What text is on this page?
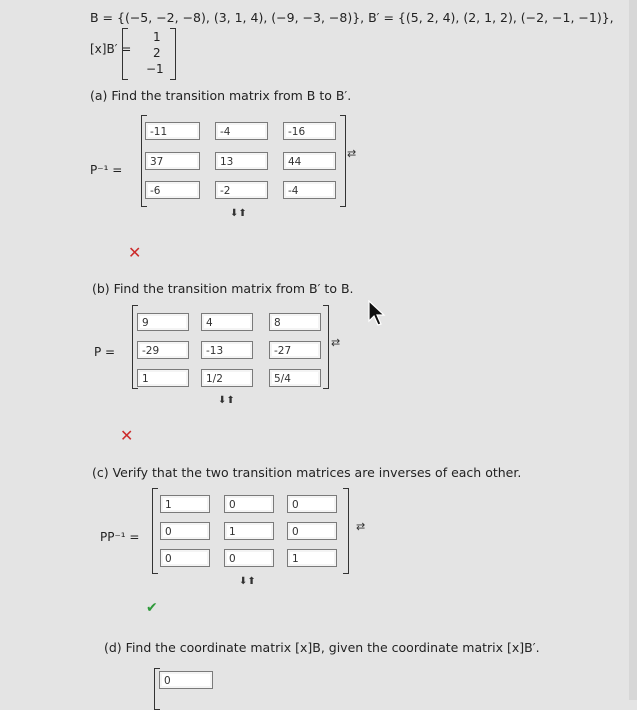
B = {(−5, −2, −8), (3, 1, 4), (−9, −3, −8)}, B′ = {(5, 2, 4), (2, 1, 2), (−2, −1, −1)},
[x]B′ =
1
2
−1
(a) Find the transition matrix from B to B′.
P⁻¹ =
-11	-4	-16
37	13	44
-6	-2	-4
⇄
⬇⬆
✕
(b) Find the transition matrix from B′ to B.
P =
9	4	8
-29	-13	-27
1	1/2	5/4
⇄
⬇⬆
✕
(c) Verify that the two transition matrices are inverses of each other.
PP⁻¹ =
1	0	0
0	1	0
0	0	1
⇄
⬇⬆
✔
(d) Find the coordinate matrix [x]B, given the coordinate matrix [x]B′.
0
